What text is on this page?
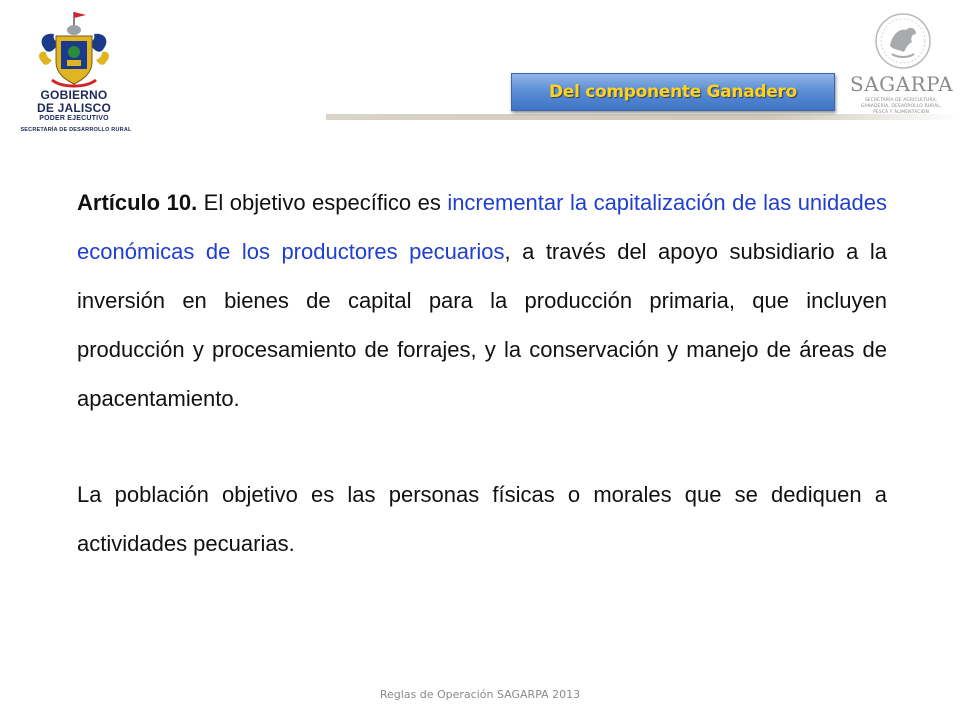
GOBIERNO
DE JALISCO
PODER EJECUTIVO
SECRETARÍA DE DESARROLLO RURAL
Del componente Ganadero	SAGARPA
SECRETARÍA DE AGRICULTURA,
GANADERÍA, DESARROLLO RURAL,
PESCA Y ALIMENTACIÓN

Artículo 10. El objetivo específico es incrementar la capitalización de las unidades económicas de los productores pecuarios, a través del apoyo subsidiario a la inversión en bienes de capital para la producción primaria, que incluyen producción y procesamiento de forrajes, y la conservación y manejo de áreas de apacentamiento.

La población objetivo es las personas físicas o morales que se dediquen a actividades pecuarias.

Reglas de Operación SAGARPA 2013
